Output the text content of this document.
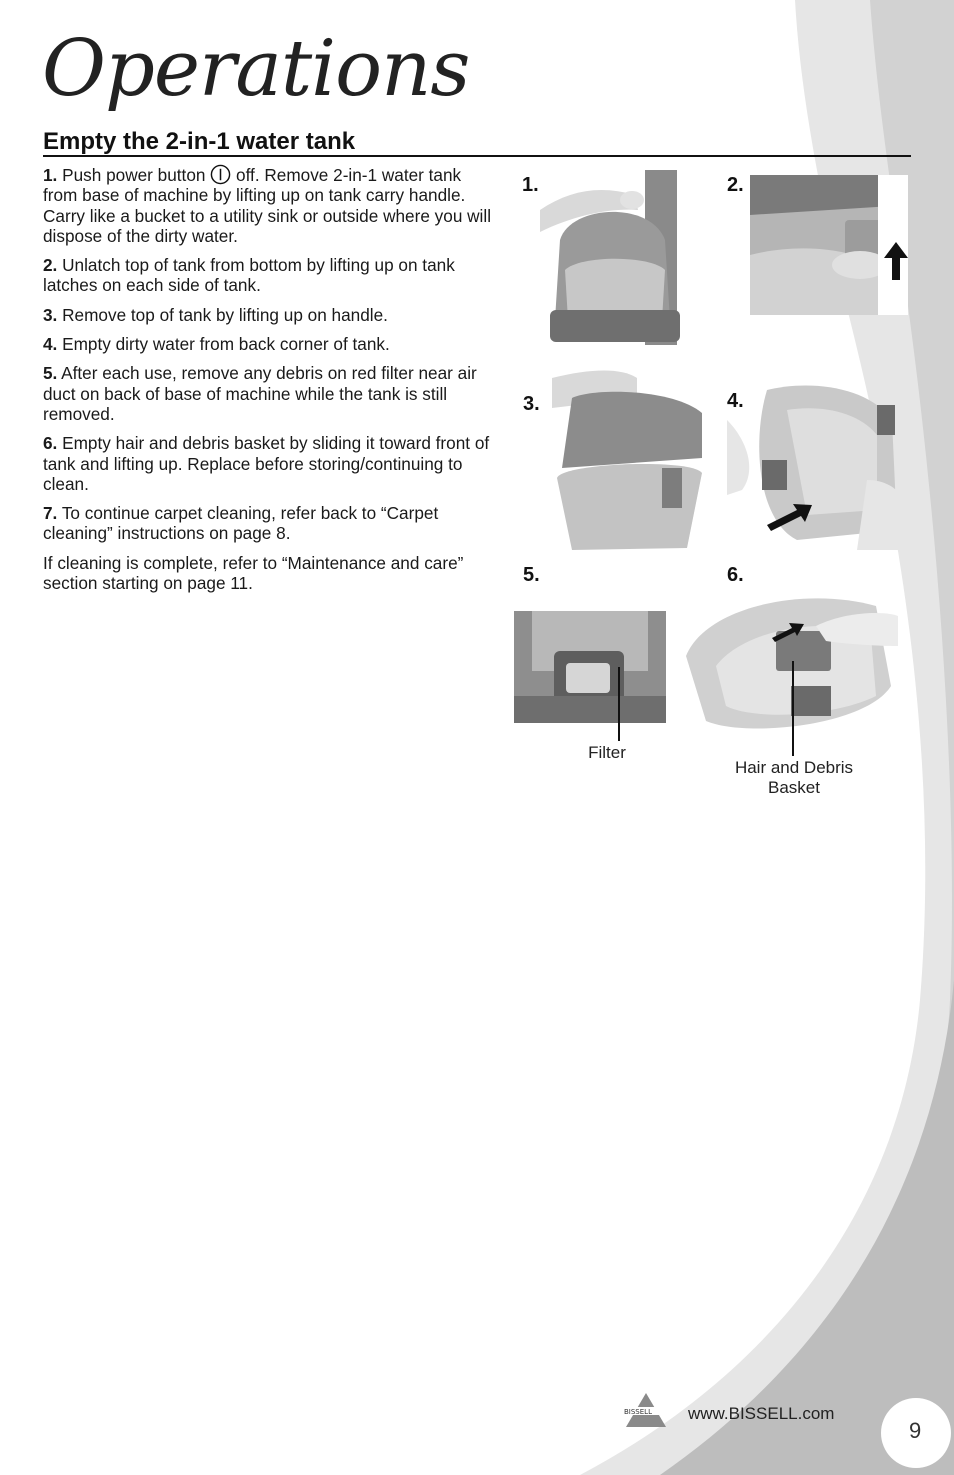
Operations
Empty the 2-in-1 water tank

1. Push power button off. Remove 2-in-1 water tank from base of machine by lifting up on tank carry handle. Carry like a bucket to a utility sink or outside where you will dispose of the dirty water.

2. Unlatch top of tank from bottom by lifting up on tank latches on each side of tank.

3. Remove top of tank by lifting up on handle.

4. Empty dirty water from back corner of tank.

5. After each use, remove any debris on red filter near air duct on back of base of machine while the tank is still removed.

6. Empty hair and debris basket by sliding it toward front of tank and lifting up. Replace before storing/continuing to clean.

7. To continue carpet cleaning, refer back to “Carpet cleaning” instructions on page 8.

If cleaning is complete, refer to “Maintenance and care” section starting on page 11.

1.	2.
3.	4.
5.	6.
Filter
Hair and Debris Basket
BISSELL www.BISSELL.com
9
